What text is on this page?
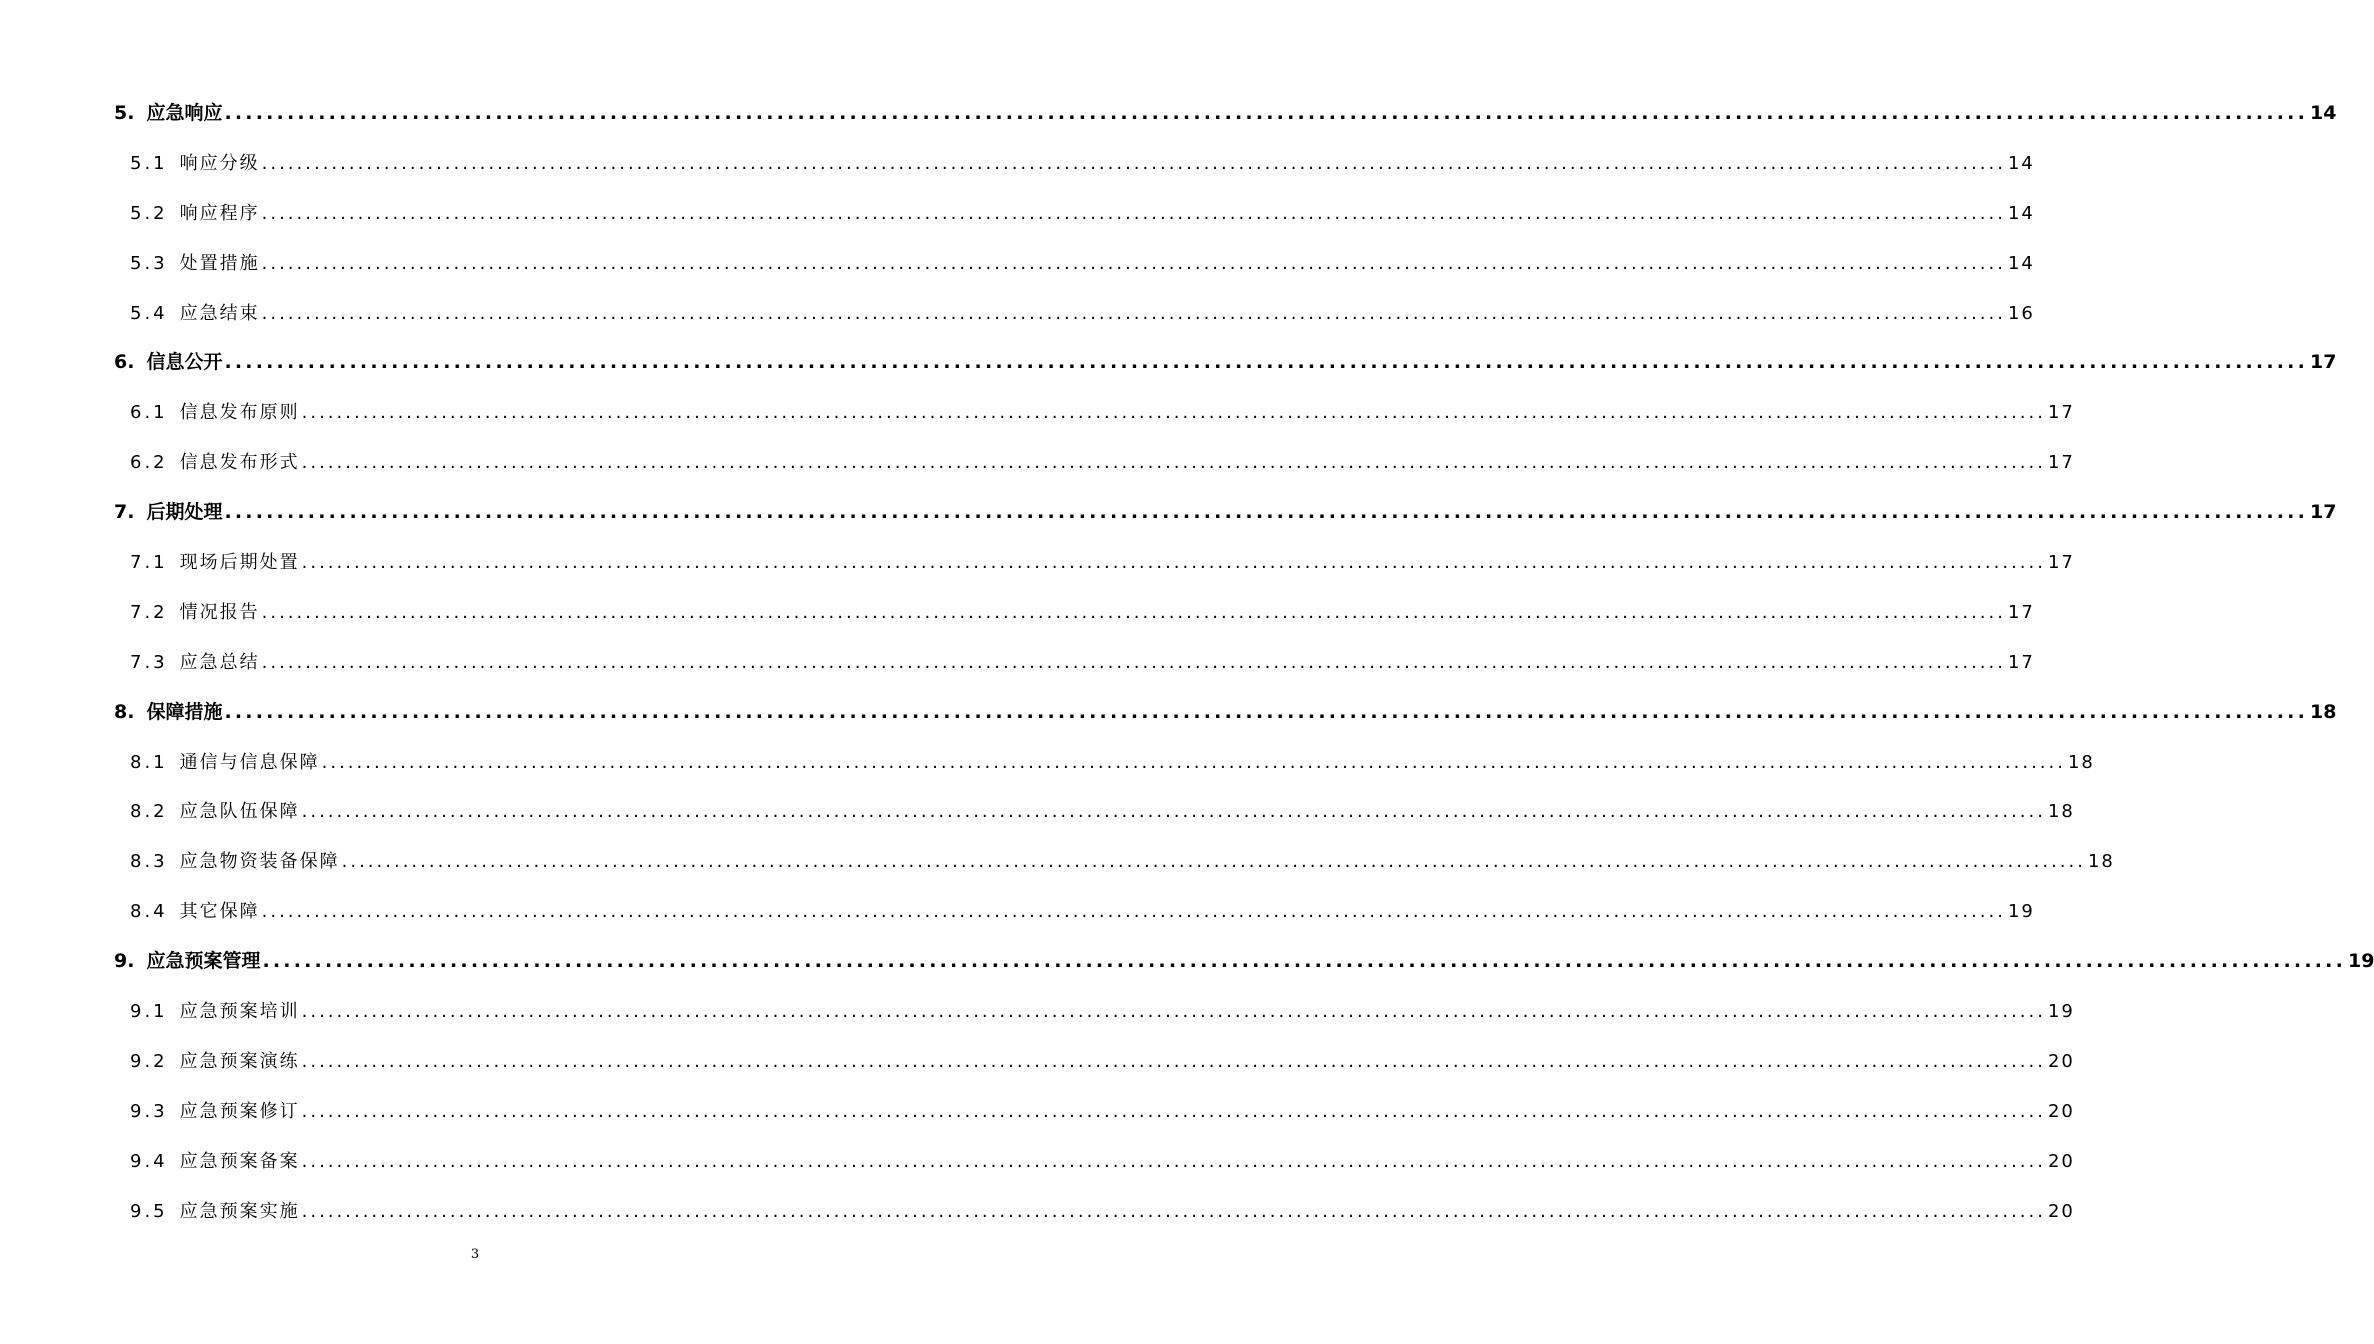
5. 应急响应 ........................................................................................................................................................................................................ 14
5.1 响应分级 ........................................................................................................................................................................................................ 14
5.2 响应程序 ........................................................................................................................................................................................................ 14
5.3 处置措施 ........................................................................................................................................................................................................ 14
5.4 应急结束 ........................................................................................................................................................................................................ 16
6. 信息公开 ........................................................................................................................................................................................................ 17
6.1 信息发布原则 ........................................................................................................................................................................................................ 17
6.2 信息发布形式 ........................................................................................................................................................................................................ 17
7. 后期处理 ........................................................................................................................................................................................................ 17
7.1 现场后期处置 ........................................................................................................................................................................................................ 17
7.2 情况报告 ........................................................................................................................................................................................................ 17
7.3 应急总结 ........................................................................................................................................................................................................ 17
8. 保障措施 ........................................................................................................................................................................................................ 18
8.1 通信与信息保障 ........................................................................................................................................................................................................ 18
8.2 应急队伍保障 ........................................................................................................................................................................................................ 18
8.3 应急物资装备保障 ........................................................................................................................................................................................................ 18
8.4 其它保障 ........................................................................................................................................................................................................ 19
9. 应急预案管理 ........................................................................................................................................................................................................ 19
9.1 应急预案培训 ........................................................................................................................................................................................................ 19
9.2 应急预案演练 ........................................................................................................................................................................................................ 20
9.3 应急预案修订 ........................................................................................................................................................................................................ 20
9.4 应急预案备案 ........................................................................................................................................................................................................ 20
9.5 应急预案实施 ........................................................................................................................................................................................................ 20
3
